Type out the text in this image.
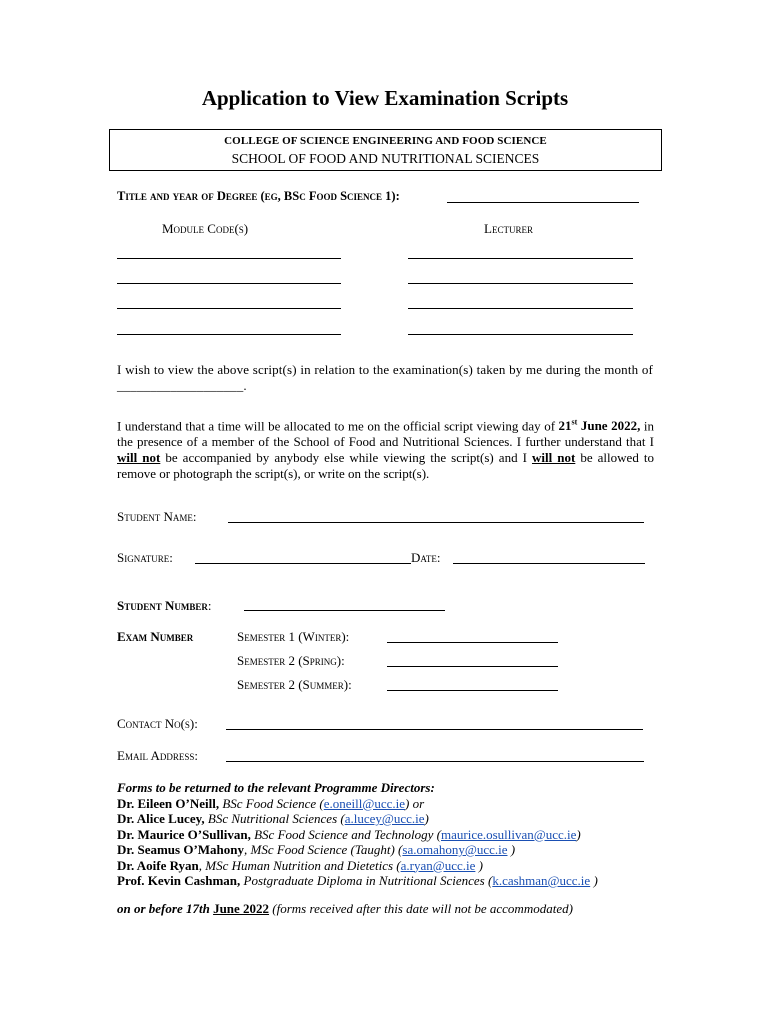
Application to View Examination Scripts
COLLEGE OF SCIENCE ENGINEERING AND FOOD SCIENCE
SCHOOL OF FOOD AND NUTRITIONAL SCIENCES
Title and year of Degree (eg, BSc Food Science 1):
Module Code(s)	Lecturer
I wish to view the above script(s) in relation to the examination(s) taken by me during the month of ___________________.
I understand that a time will be allocated to me on the official script viewing day of 21st June 2022, in the presence of a member of the School of Food and Nutritional Sciences. I further understand that I will not be accompanied by anybody else while viewing the script(s) and I will not be allowed to remove or photograph the script(s), or write on the script(s).
Student Name:
Signature:	Date:
Student Number:
Exam Number	Semester 1 (Winter):
Semester 2 (Spring):
Semester 2 (Summer):
Contact No(s):
Email Address:
Forms to be returned to the relevant Programme Directors:
Dr. Eileen O’Neill, BSc Food Science (e.oneill@ucc.ie) or
Dr. Alice Lucey, BSc Nutritional Sciences (a.lucey@ucc.ie)
Dr. Maurice O’Sullivan, BSc Food Science and Technology (maurice.osullivan@ucc.ie)
Dr. Seamus O’Mahony, MSc Food Science (Taught) (sa.omahony@ucc.ie )
Dr. Aoife Ryan, MSc Human Nutrition and Dietetics (a.ryan@ucc.ie )
Prof. Kevin Cashman, Postgraduate Diploma in Nutritional Sciences (k.cashman@ucc.ie )
on or before 17th June 2022 (forms received after this date will not be accommodated)
